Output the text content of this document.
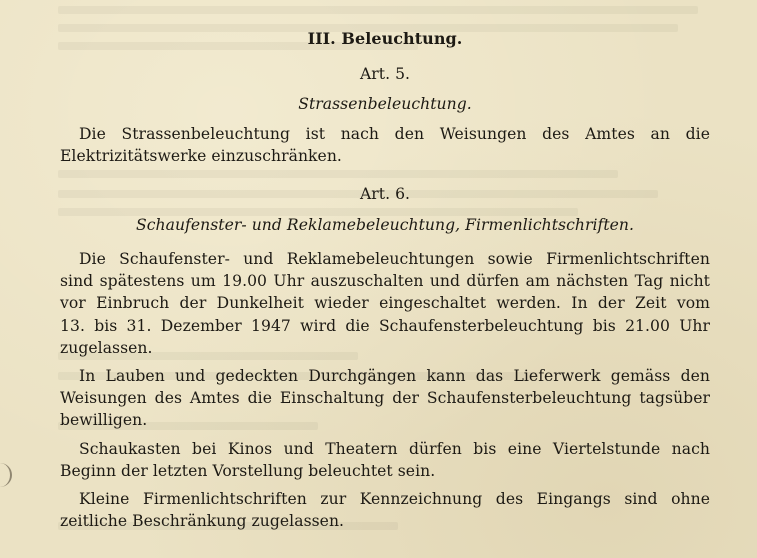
III. Beleuchtung.
Art. 5.
Strassenbeleuchtung.
Die Strassenbeleuchtung ist nach den Weisungen des Amtes an die
Elektrizitätswerke einzuschränken.
Art. 6.
Schaufenster- und Reklamebeleuchtung, Firmenlichtschriften.
Die Schaufenster- und Reklamebeleuchtungen sowie Firmenlichtschriften
sind spätestens um 19.00 Uhr auszuschalten und dürfen am nächsten Tag nicht
vor Einbruch der Dunkelheit wieder eingeschaltet werden. In der Zeit vom
13. bis 31. Dezember 1947 wird die Schaufensterbeleuchtung bis 21.00 Uhr
zugelassen.
In Lauben und gedeckten Durchgängen kann das Lieferwerk gemäss den
Weisungen des Amtes die Einschaltung der Schaufensterbeleuchtung tagsüber
bewilligen.
Schaukasten bei Kinos und Theatern dürfen bis eine Viertelstunde nach
Beginn der letzten Vorstellung beleuchtet sein.
Kleine Firmenlichtschriften zur Kennzeichnung des Eingangs sind ohne
zeitliche Beschränkung zugelassen.
